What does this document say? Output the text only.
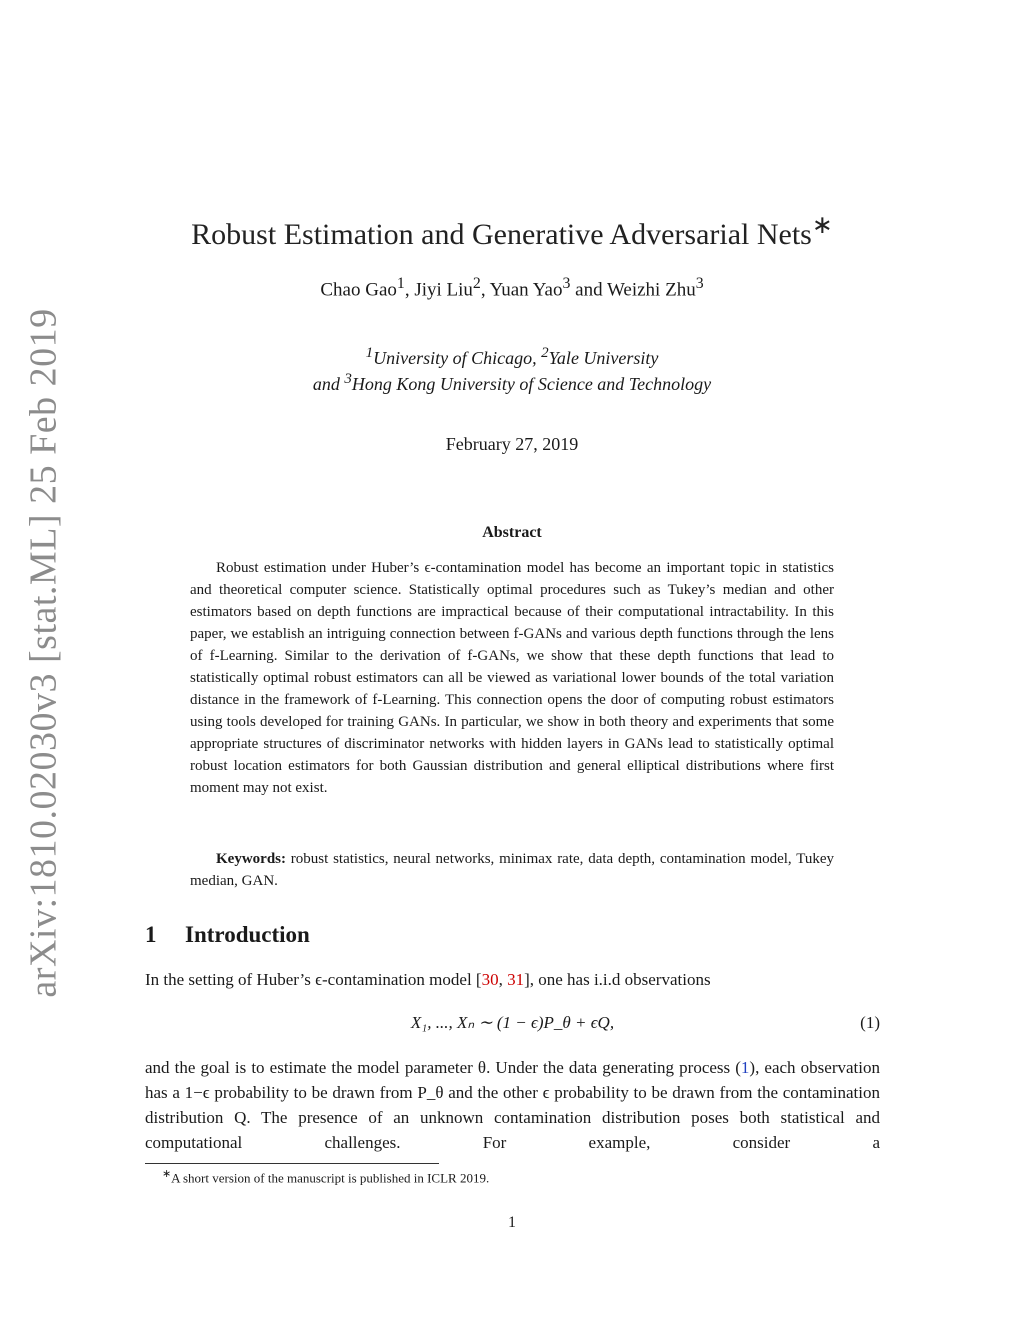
arXiv:1810.02030v3 [stat.ML] 25 Feb 2019
Robust Estimation and Generative Adversarial Nets∗
Chao Gao$^1$, Jiyi Liu$^2$, Yuan Yao$^3$ and Weizhi Zhu$^3$
$^1$University of Chicago, $^2$Yale University
and $^3$Hong Kong University of Science and Technology
February 27, 2019
Abstract
Robust estimation under Huber’s ϵ-contamination model has become an important topic in statistics and theoretical computer science. Statistically optimal procedures such as Tukey’s median and other estimators based on depth functions are impractical because of their computational intractability. In this paper, we establish an intriguing connection between f-GANs and various depth functions through the lens of f-Learning. Similar to the derivation of f-GANs, we show that these depth functions that lead to statistically optimal robust estimators can all be viewed as variational lower bounds of the total variation distance in the framework of f-Learning. This connection opens the door of computing robust estimators using tools developed for training GANs. In particular, we show in both theory and experiments that some appropriate structures of discriminator networks with hidden layers in GANs lead to statistically optimal robust location estimators for both Gaussian distribution and general elliptical distributions where first moment may not exist.
Keywords: robust statistics, neural networks, minimax rate, data depth, contamination model, Tukey median, GAN.
1 Introduction
In the setting of Huber’s ϵ-contamination model [30, 31], one has i.i.d observations
X₁, ..., Xₙ ∼ (1 − ϵ)P_θ + ϵQ,	(1)
and the goal is to estimate the model parameter θ. Under the data generating process (1), each observation has a 1−ϵ probability to be drawn from P_θ and the other ϵ probability to be drawn from the contamination distribution Q. The presence of an unknown contamination distribution poses both statistical and computational challenges. For example, consider a
∗A short version of the manuscript is published in ICLR 2019.
1
